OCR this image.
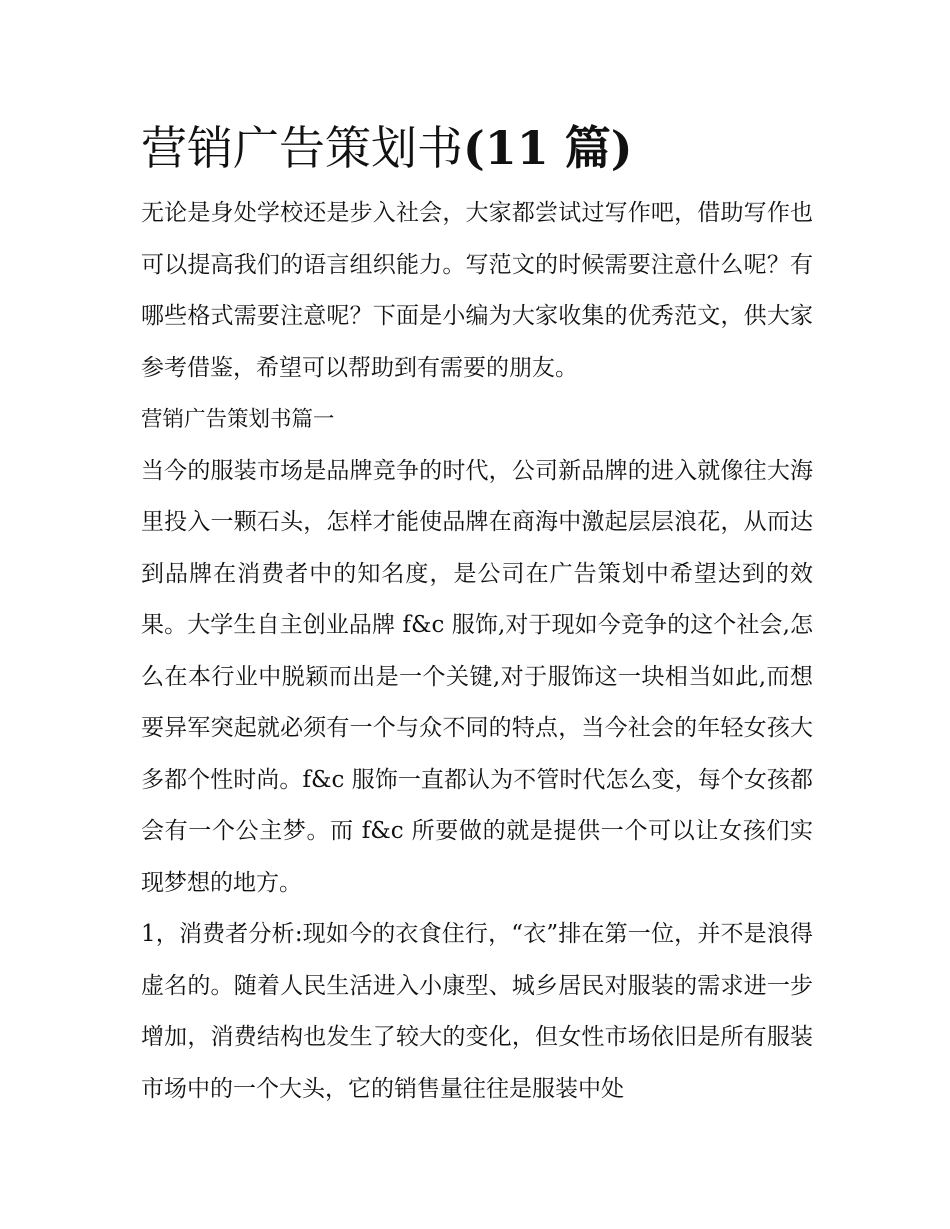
营销广告策划书(11 篇)

无论是身处学校还是步入社会，大家都尝试过写作吧，借助写作也可以提高我们的语言组织能力。写范文的时候需要注意什么呢？有哪些格式需要注意呢？下面是小编为大家收集的优秀范文，供大家参考借鉴，希望可以帮助到有需要的朋友。

营销广告策划书篇一

当今的服装市场是品牌竞争的时代，公司新品牌的进入就像往大海里投入一颗石头，怎样才能使品牌在商海中激起层层浪花，从而达到品牌在消费者中的知名度，是公司在广告策划中希望达到的效果。大学生自主创业品牌 f&c 服饰,对于现如今竞争的这个社会,怎么在本行业中脱颖而出是一个关键,对于服饰这一块相当如此,而想要异军突起就必须有一个与众不同的特点，当今社会的年轻女孩大多都个性时尚。f&c 服饰一直都认为不管时代怎么变，每个女孩都会有一个公主梦。而 f&c 所要做的就是提供一个可以让女孩们实现梦想的地方。

1，消费者分析:现如今的衣食住行，“衣”排在第一位，并不是浪得虚名的。随着人民生活进入小康型、城乡居民对服装的需求进一步增加，消费结构也发生了较大的变化，但女性市场依旧是所有服装市场中的一个大头，它的销售量往往是服装中处
